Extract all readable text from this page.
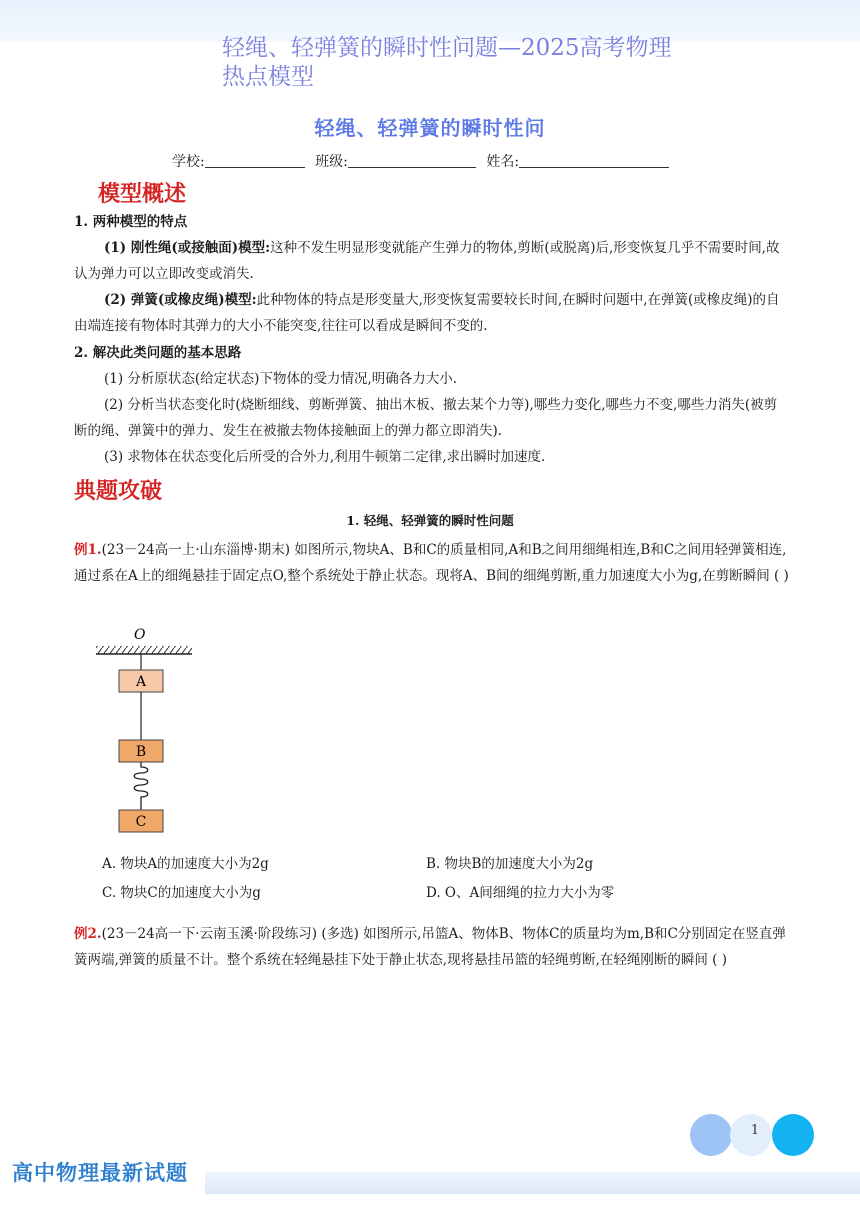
轻绳、轻弹簧的瞬时性问题—2025高考物理热点模型
轻绳、轻弹簧的瞬时性问
学校:	班级:	姓名:
模型概述
1. 两种模型的特点
(1) 刚性绳(或接触面)模型:这种不发生明显形变就能产生弹力的物体,剪断(或脱离)后,形变恢复几乎不需要时间,故认为弹力可以立即改变或消失.
(2) 弹簧(或橡皮绳)模型:此种物体的特点是形变量大,形变恢复需要较长时间,在瞬时问题中,在弹簧(或橡皮绳)的自由端连接有物体时其弹力的大小不能突变,往往可以看成是瞬间不变的.
2. 解决此类问题的基本思路
(1) 分析原状态(给定状态)下物体的受力情况,明确各力大小.
(2) 分析当状态变化时(烧断细线、剪断弹簧、抽出木板、撤去某个力等),哪些力变化,哪些力不变,哪些力消失(被剪断的绳、弹簧中的弹力、发生在被撤去物体接触面上的弹力都立即消失).
(3) 求物体在状态变化后所受的合外力,利用牛顿第二定律,求出瞬时加速度.
典题攻破
1. 轻绳、轻弹簧的瞬时性问题
例1.(23－24高一上·山东淄博·期末) 如图所示,物块A、B和C的质量相同,A和B之间用细绳相连,B和C之间用轻弹簧相连,通过系在A上的细绳悬挂于固定点O,整个系统处于静止状态。现将A、B间的细绳剪断,重力加速度大小为g,在剪断瞬间 ( )
O
A
B
C
A. 物块A的加速度大小为2g	B. 物块B的加速度大小为2g
C. 物块C的加速度大小为g	D. O、A间细绳的拉力大小为零
例2.(23－24高一下·云南玉溪·阶段练习) (多选) 如图所示,吊篮A、物体B、物体C的质量均为m,B和C分别固定在竖直弹簧两端,弹簧的质量不计。整个系统在轻绳悬挂下处于静止状态,现将悬挂吊篮的轻绳剪断,在轻绳刚断的瞬间 ( )
1
高中物理最新试题
